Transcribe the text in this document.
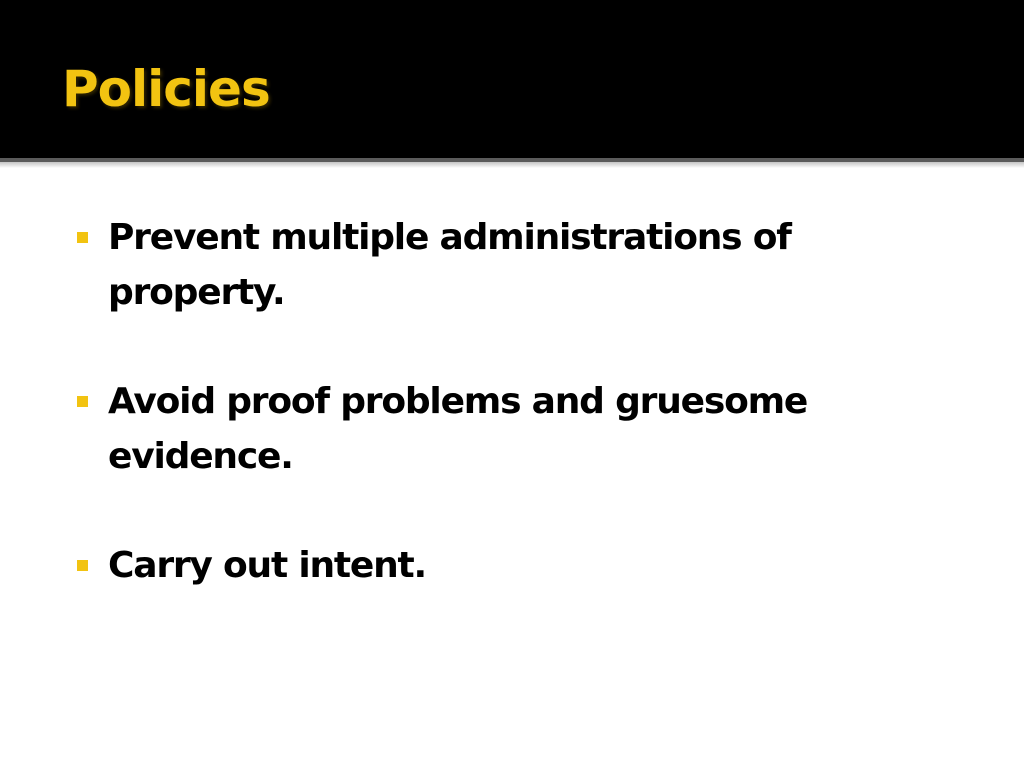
Policies

Prevent multiple administrations of property.

Avoid proof problems and gruesome evidence.

Carry out intent.
